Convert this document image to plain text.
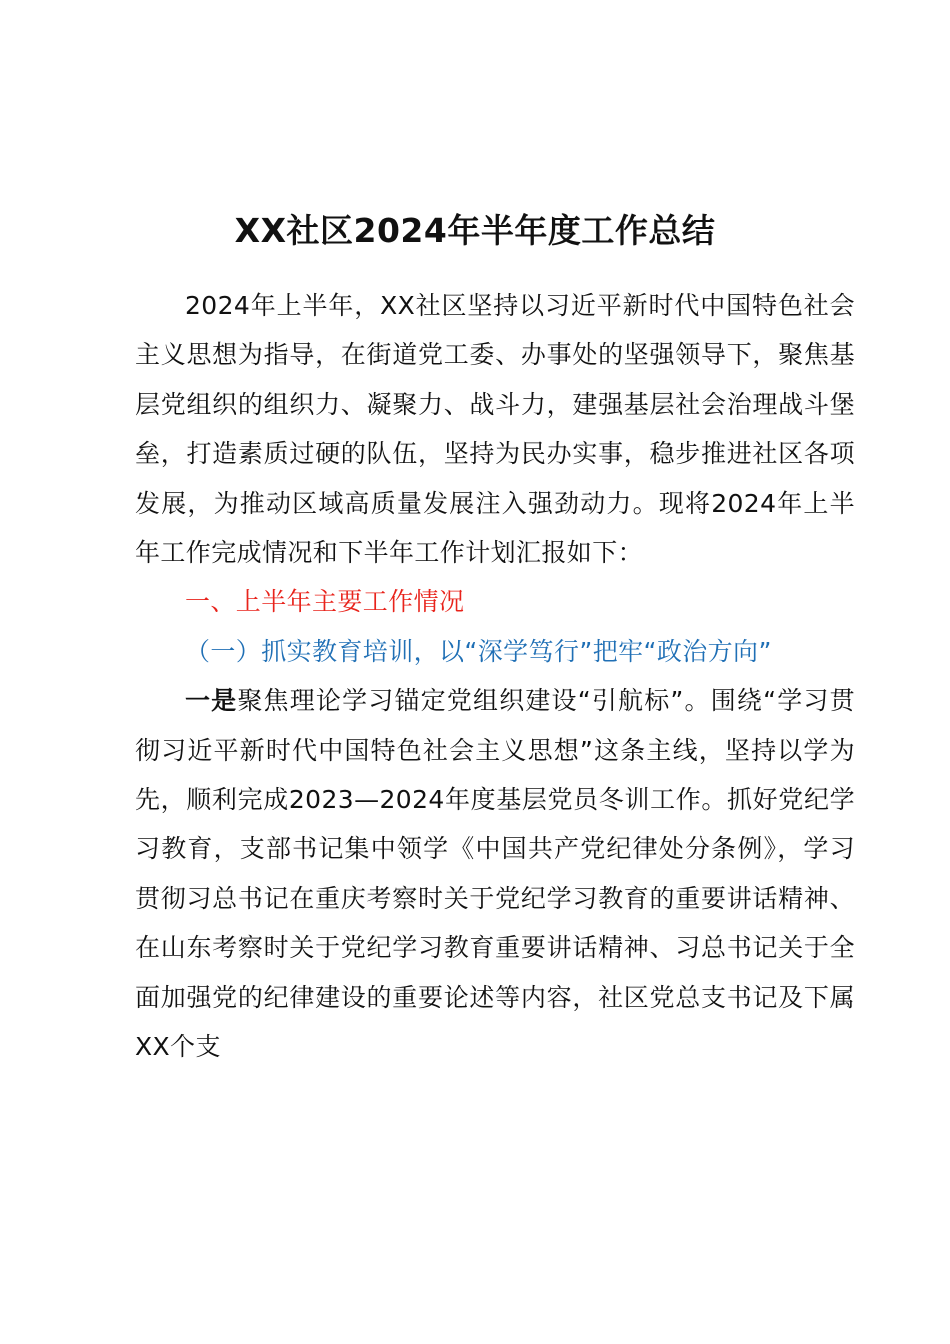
XX社区2024年半年度工作总结

2024年上半年，XX社区坚持以习近平新时代中国特色社会主义思想为指导，在街道党工委、办事处的坚强领导下，聚焦基层党组织的组织力、凝聚力、战斗力，建强基层社会治理战斗堡垒，打造素质过硬的队伍，坚持为民办实事，稳步推进社区各项发展，为推动区域高质量发展注入强劲动力。现将2024年上半年工作完成情况和下半年工作计划汇报如下：

一、上半年主要工作情况

（一）抓实教育培训，以“深学笃行”把牢“政治方向”

一是聚焦理论学习锚定党组织建设“引航标”。围绕“学习贯彻习近平新时代中国特色社会主义思想”这条主线，坚持以学为先，顺利完成2023—2024年度基层党员冬训工作。抓好党纪学习教育，支部书记集中领学《中国共产党纪律处分条例》，学习贯彻习总书记在重庆考察时关于党纪学习教育的重要讲话精神、在山东考察时关于党纪学习教育重要讲话精神、习总书记关于全面加强党的纪律建设的重要论述等内容，社区党总支书记及下属XX个支
